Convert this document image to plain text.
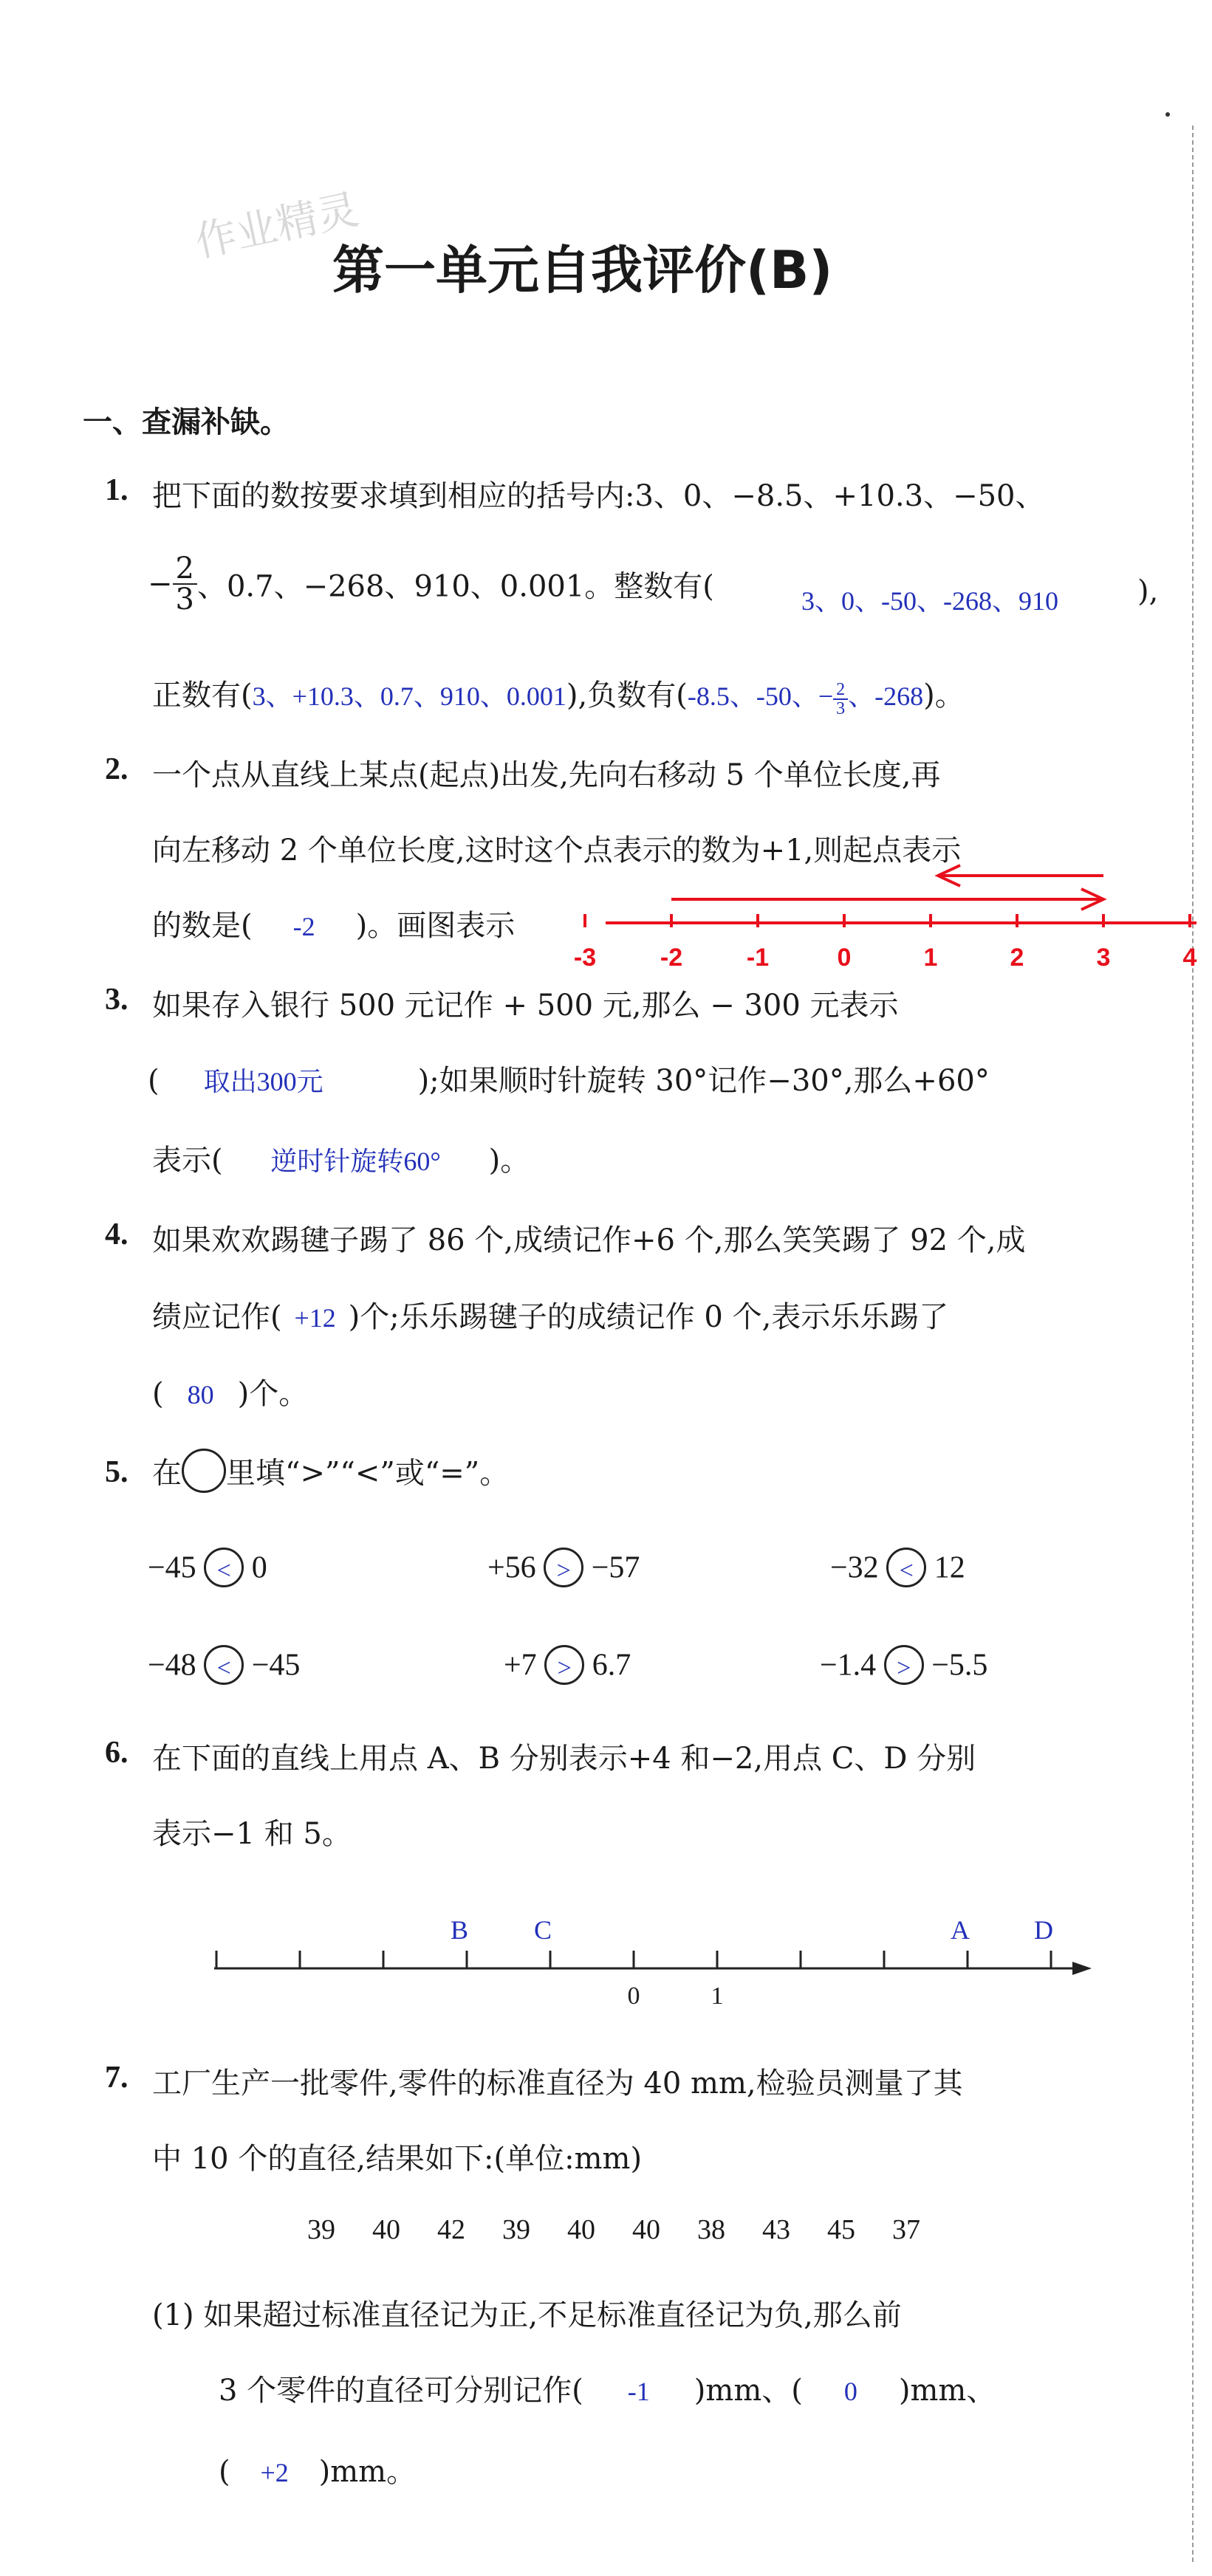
作业精灵
第一单元自我评价(B)
一、查漏补缺。
1. 把下面的数按要求填到相应的括号内:3、0、−8.5、+10.3、−50、
− $\frac{2}{3}$ 、0.7、−268、910、0.001。整数有(	3、0、-50、-268、910	),
正数有(3、+10.3、0.7、910、0.001),负数有(-8.5、-50、− $\frac{2}{3}$ 、-268)。
2. 一个点从直线上某点(起点)出发,先向右移动 5 个单位长度,再
向左移动 2 个单位长度,这时这个点表示的数为+1,则起点表示
的数是( -2 )。画图表示
-3	-2	-1	0	1	2	3	4
3. 如果存入银行 500 元记作 + 500 元,那么 − 300 元表示
( 取出300元	);如果顺时针旋转 30°记作−30°,那么+60°
表示( 逆时针旋转60° )。
4. 如果欢欢踢毽子踢了 86 个,成绩记作+6 个,那么笑笑踢了 92 个,成
绩应记作( +12 )个;乐乐踢毽子的成绩记作 0 个,表示乐乐踢了
( 80 )个。
5. 在 里填“>”“<”或“=”。
−45 < 0	+56 > −57	−32 < 12
−48 < −45	+7 > 6.7	−1.4 > −5.5
6. 在下面的直线上用点 A、B 分别表示+4 和−2,用点 C、D 分别
表示−1 和 5。
0	1
B C	A D
7. 工厂生产一批零件,零件的标准直径为 40 mm,检验员测量了其
中 10 个的直径,结果如下:(单位:mm)
39 40 42 39 40 40 38 43 45 37
(1) 如果超过标准直径记为正,不足标准直径记为负,那么前
3 个零件的直径可分别记作( -1 )mm、( 0 )mm、
( +2 )mm。
